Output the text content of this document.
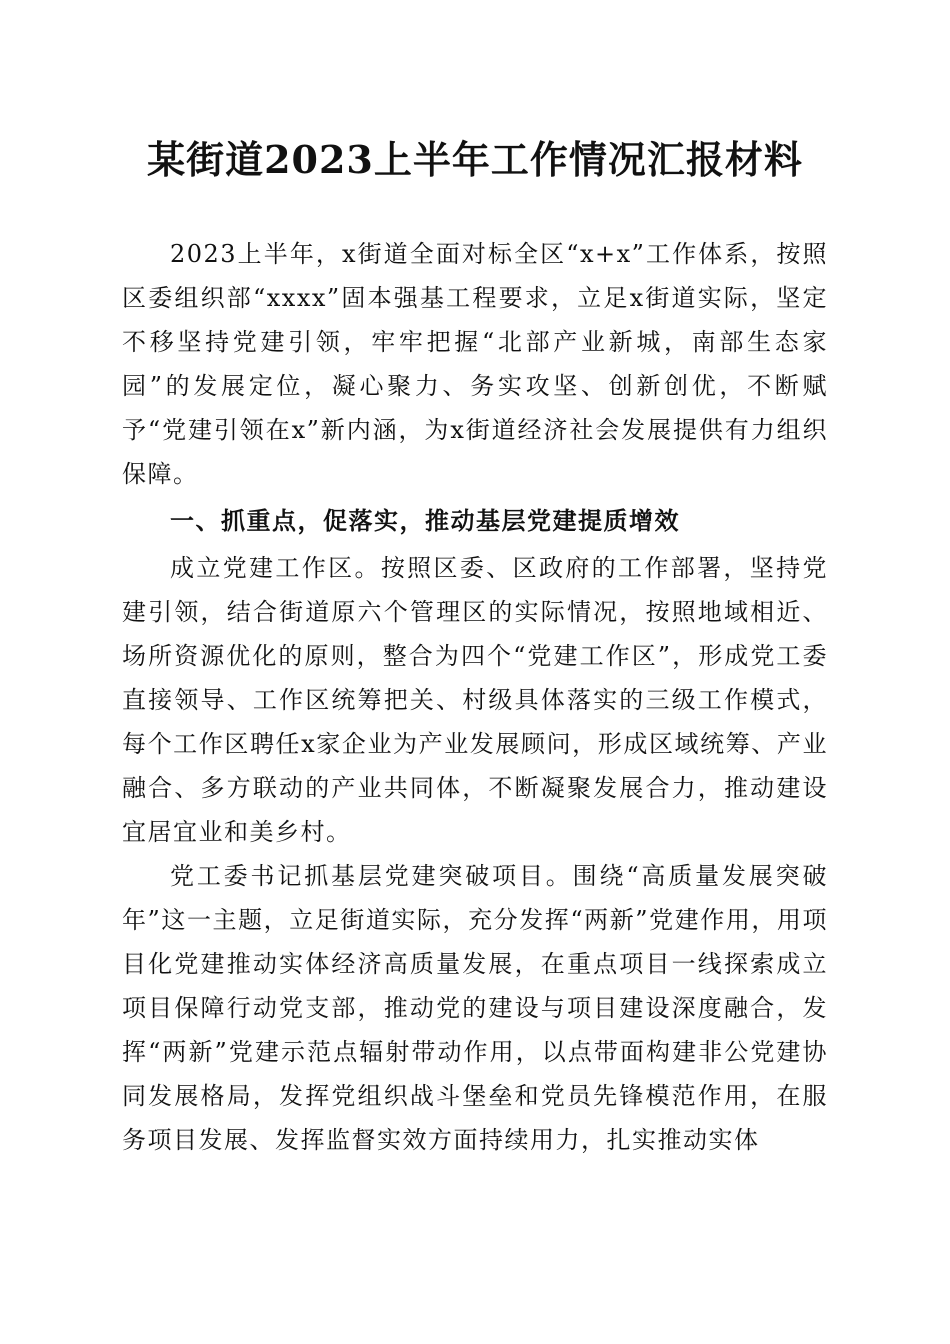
某街道2023上半年工作情况汇报材料

2023上半年，x街道全面对标全区“x+x”工作体系，按照区委组织部“xxxx”固本强基工程要求，立足x街道实际，坚定不移坚持党建引领，牢牢把握“北部产业新城，南部生态家园”的发展定位，凝心聚力、务实攻坚、创新创优，不断赋予“党建引领在x”新内涵，为x街道经济社会发展提供有力组织保障。

一、抓重点，促落实，推动基层党建提质增效

成立党建工作区。按照区委、区政府的工作部署，坚持党建引领，结合街道原六个管理区的实际情况，按照地域相近、场所资源优化的原则，整合为四个“党建工作区”，形成党工委直接领导、工作区统筹把关、村级具体落实的三级工作模式，每个工作区聘任x家企业为产业发展顾问，形成区域统筹、产业融合、多方联动的产业共同体，不断凝聚发展合力，推动建设宜居宜业和美乡村。

党工委书记抓基层党建突破项目。围绕“高质量发展突破年”这一主题，立足街道实际，充分发挥“两新”党建作用，用项目化党建推动实体经济高质量发展，在重点项目一线探索成立项目保障行动党支部，推动党的建设与项目建设深度融合，发挥“两新”党建示范点辐射带动作用，以点带面构建非公党建协同发展格局，发挥党组织战斗堡垒和党员先锋模范作用，在服务项目发展、发挥监督实效方面持续用力，扎实推动实体
